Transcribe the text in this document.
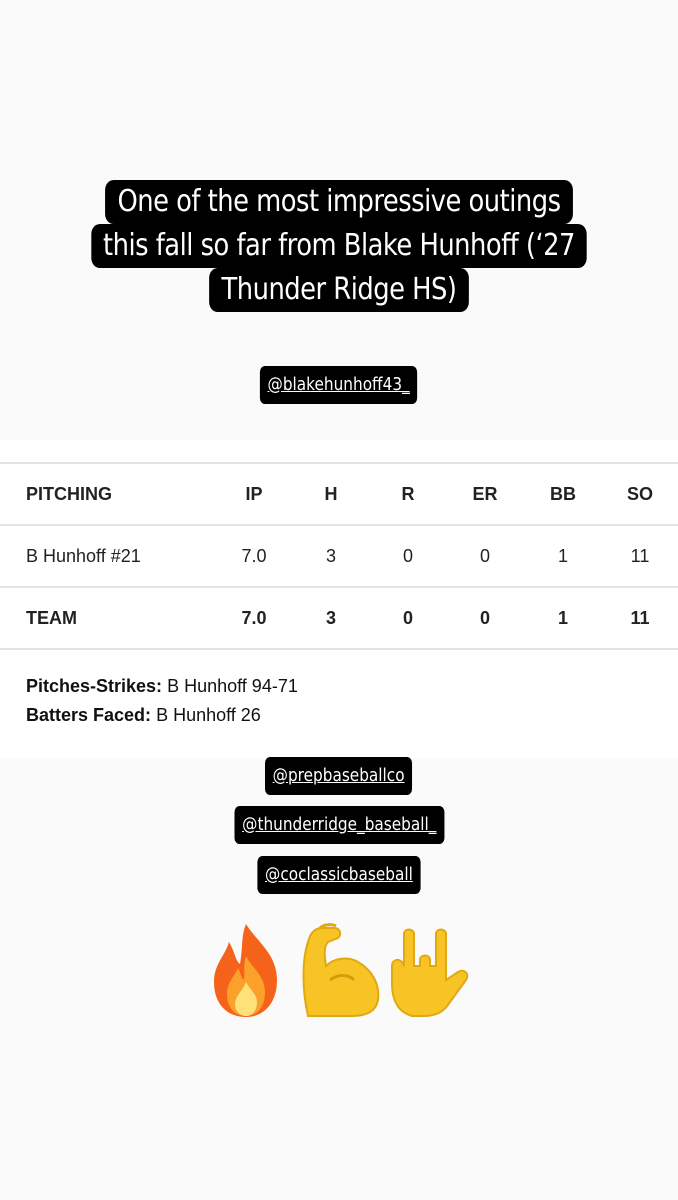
One of the most impressive outings
this fall so far from Blake Hunhoff (‘27
Thunder Ridge HS)
@blakehunhoff43_
PITCHING	IP	H	R	ER	BB	SO
B Hunhoff #21	7.0	3	0	0	1	11
TEAM	7.0	3	0	0	1	11
Pitches-Strikes: B Hunhoff 94-71
Batters Faced: B Hunhoff 26
@prepbaseballco
@thunderridge_baseball_
@coclassicbaseball
